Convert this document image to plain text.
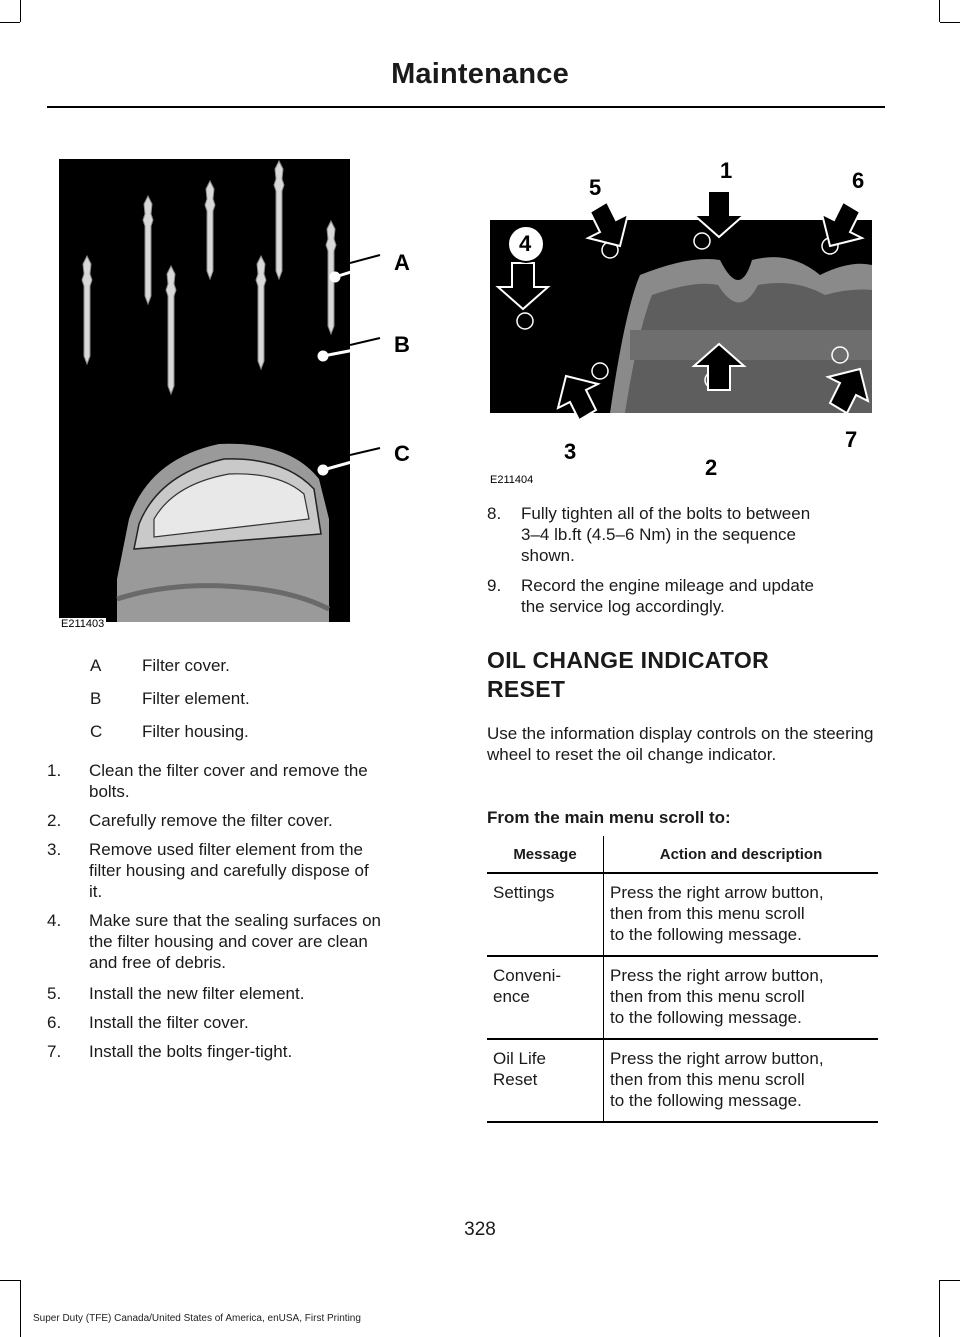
Maintenance
A
B
C
E211403
A	Filter cover.
B	Filter element.
C	Filter housing.
1. Clean the filter cover and remove the
bolts.
2. Carefully remove the filter cover.
3. Remove used filter element from the
filter housing and carefully dispose of
it.
4. Make sure that the sealing surfaces on
the filter housing and cover are clean
and free of debris.
5. Install the new filter element.
6. Install the filter cover.
7. Install the bolts finger-tight.
1
2
3
4
5	6
7
E211404
8. Fully tighten all of the bolts to between
3–4 lb.ft (4.5–6 Nm) in the sequence
shown.
9. Record the engine mileage and update
the service log accordingly.
OIL CHANGE INDICATOR
RESET
Use the information display controls on the steering wheel to reset the oil change indicator.
From the main menu scroll to:
Message	Action and description
Settings	Press the right arrow button,
then from this menu scroll
to the following message.
Conveni-
ence	Press the right arrow button,
then from this menu scroll
to the following message.
Oil Life
Reset	Press the right arrow button,
then from this menu scroll
to the following message.
328
Super Duty (TFE) Canada/United States of America, enUSA, First Printing
